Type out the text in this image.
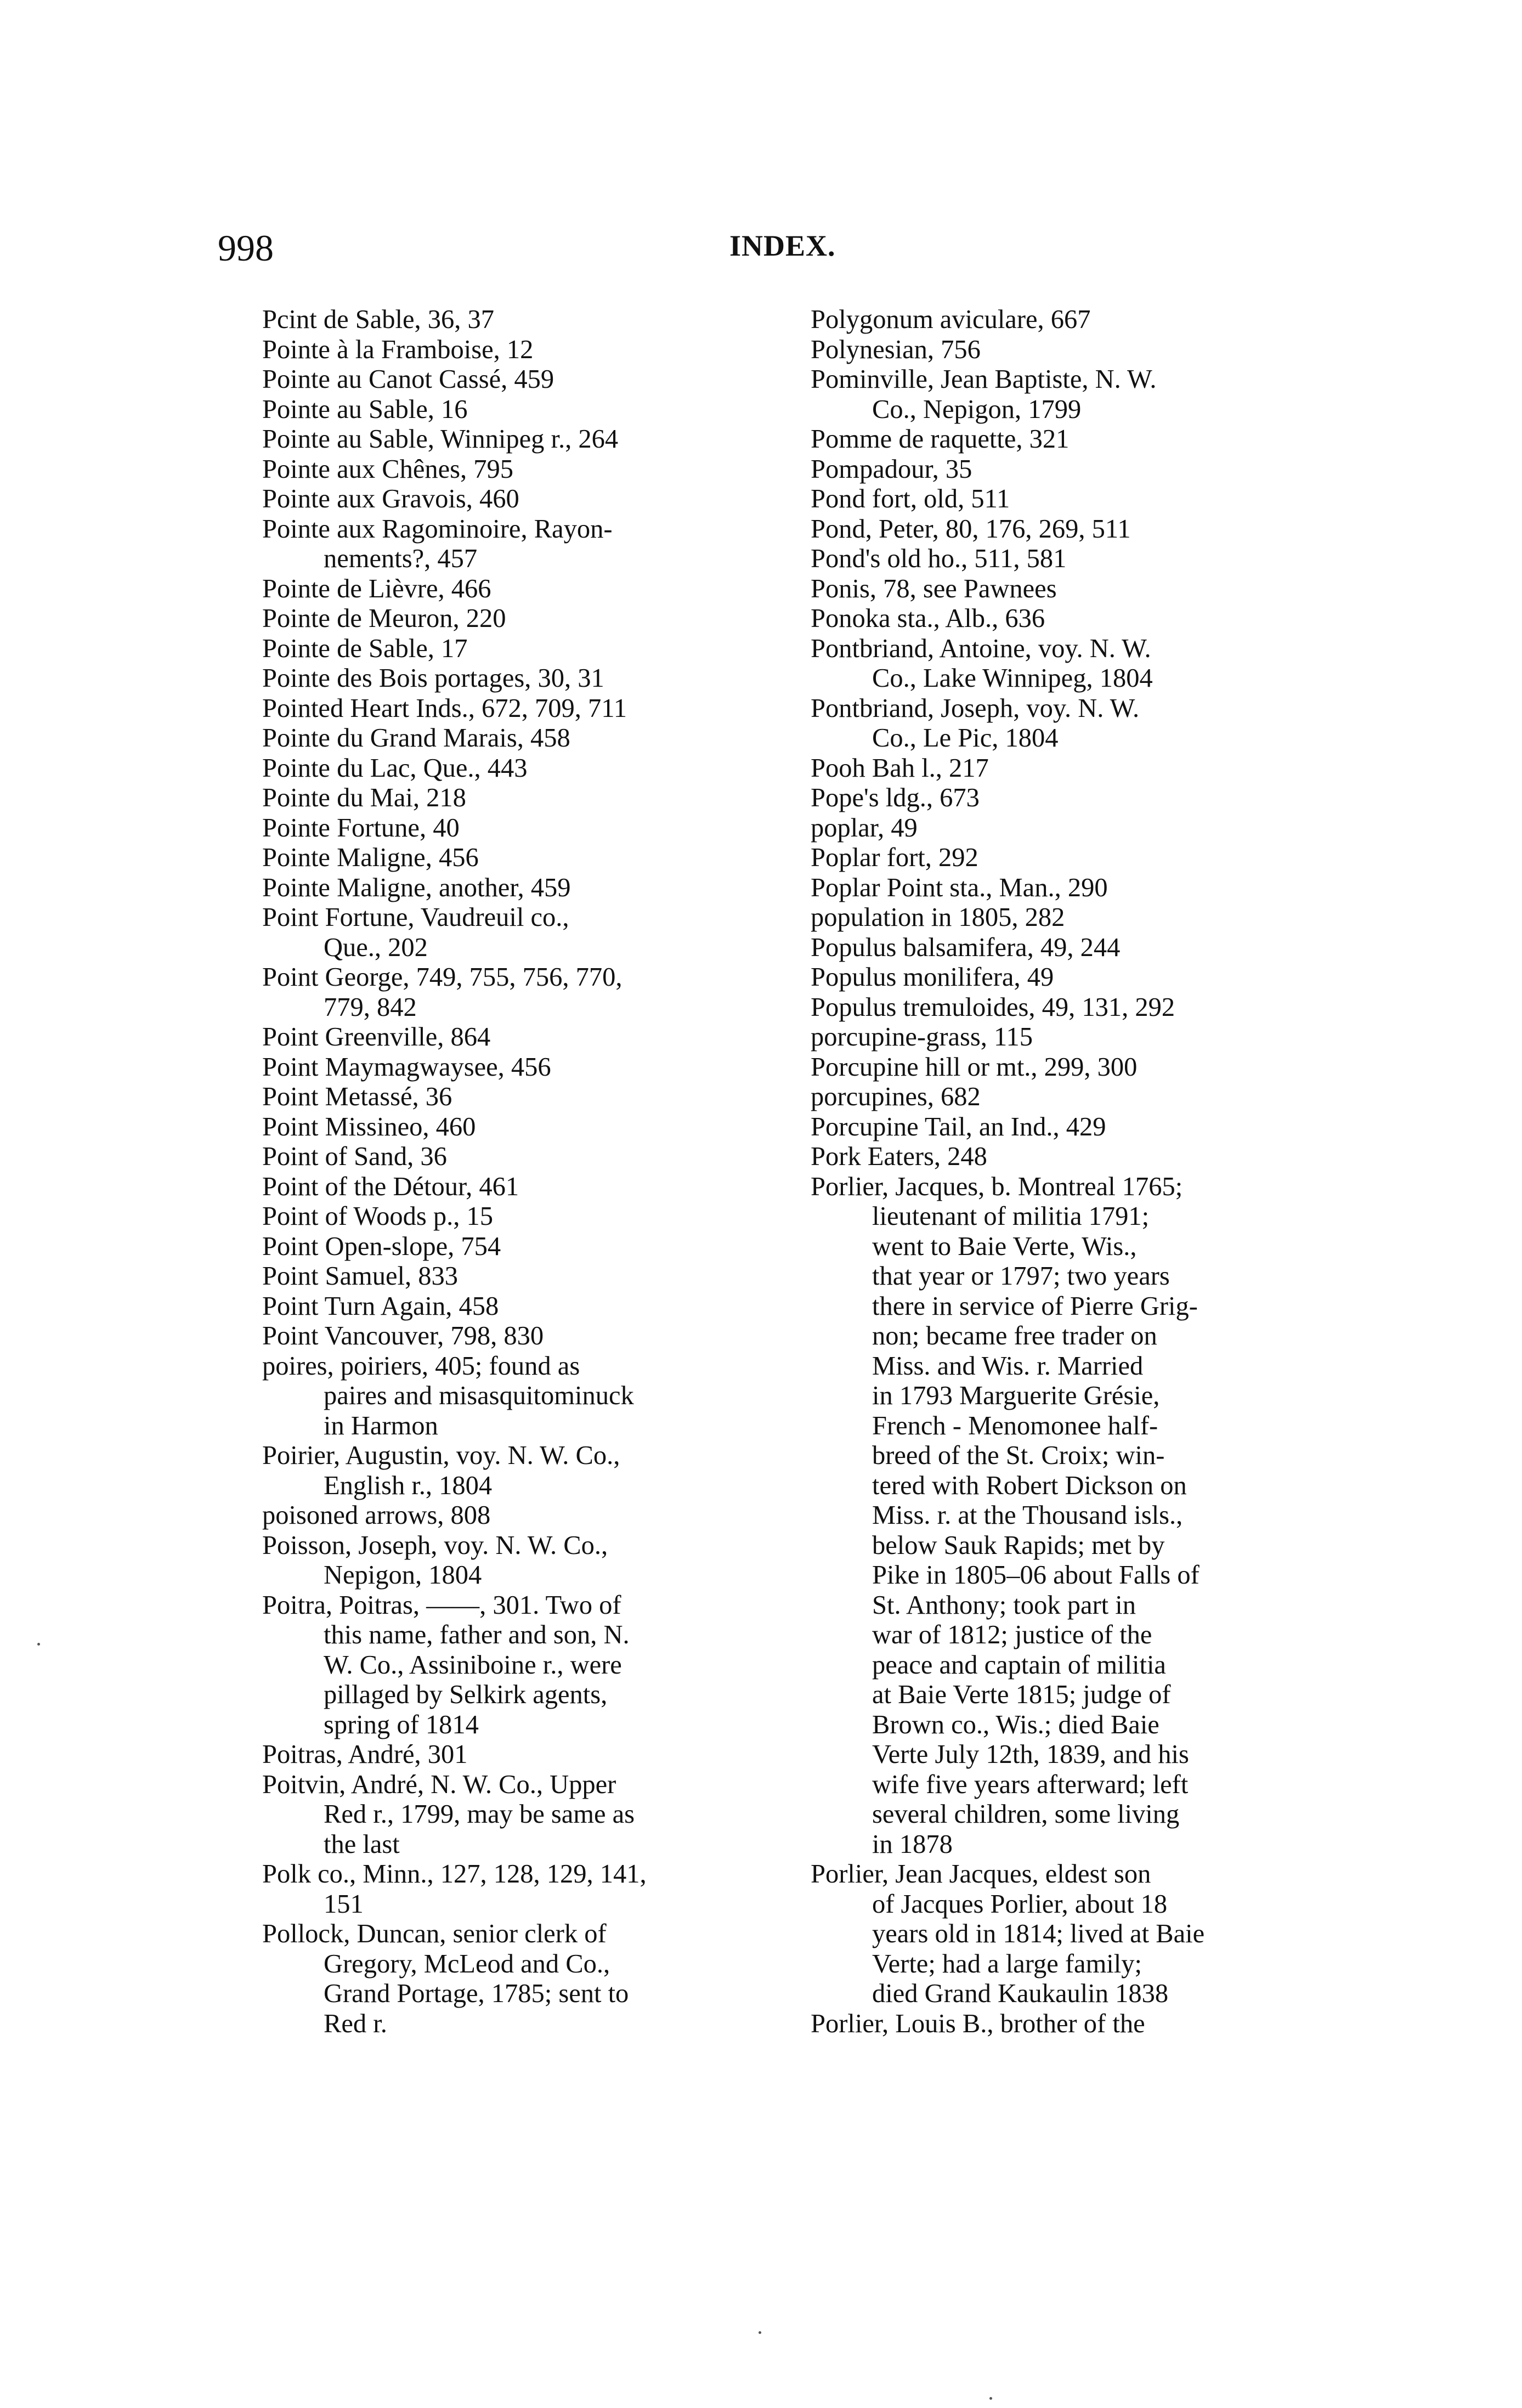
998	INDEX.
Pcint de Sable, 36, 37
Pointe à la Framboise, 12
Pointe au Canot Cassé, 459
Pointe au Sable, 16
Pointe au Sable, Winnipeg r., 264
Pointe aux Chênes, 795
Pointe aux Gravois, 460
Pointe aux Ragominoire, Rayon-
nements?, 457
Pointe de Lièvre, 466
Pointe de Meuron, 220
Pointe de Sable, 17
Pointe des Bois portages, 30, 31
Pointed Heart Inds., 672, 709, 711
Pointe du Grand Marais, 458
Pointe du Lac, Que., 443
Pointe du Mai, 218
Pointe Fortune, 40
Pointe Maligne, 456
Pointe Maligne, another, 459
Point Fortune, Vaudreuil co.,
Que., 202
Point George, 749, 755, 756, 770,
779, 842
Point Greenville, 864
Point Maymagwaysee, 456
Point Metassé, 36
Point Missineo, 460
Point of Sand, 36
Point of the Détour, 461
Point of Woods p., 15
Point Open-slope, 754
Point Samuel, 833
Point Turn Again, 458
Point Vancouver, 798, 830
poires, poiriers, 405; found as
paires and misasquitominuck
in Harmon
Poirier, Augustin, voy. N. W. Co.,
English r., 1804
poisoned arrows, 808
Poisson, Joseph, voy. N. W. Co.,
Nepigon, 1804
Poitra, Poitras, ——, 301. Two of
this name, father and son, N.
W. Co., Assiniboine r., were
pillaged by Selkirk agents,
spring of 1814
Poitras, André, 301
Poitvin, André, N. W. Co., Upper
Red r., 1799, may be same as
the last
Polk co., Minn., 127, 128, 129, 141,
151
Pollock, Duncan, senior clerk of
Gregory, McLeod and Co.,
Grand Portage, 1785; sent to
Red r.
Polygonum aviculare, 667
Polynesian, 756
Pominville, Jean Baptiste, N. W.
Co., Nepigon, 1799
Pomme de raquette, 321
Pompadour, 35
Pond fort, old, 511
Pond, Peter, 80, 176, 269, 511
Pond's old ho., 511, 581
Ponis, 78, see Pawnees
Ponoka sta., Alb., 636
Pontbriand, Antoine, voy. N. W.
Co., Lake Winnipeg, 1804
Pontbriand, Joseph, voy. N. W.
Co., Le Pic, 1804
Pooh Bah l., 217
Pope's ldg., 673
poplar, 49
Poplar fort, 292
Poplar Point sta., Man., 290
population in 1805, 282
Populus balsamifera, 49, 244
Populus monilifera, 49
Populus tremuloides, 49, 131, 292
porcupine-grass, 115
Porcupine hill or mt., 299, 300
porcupines, 682
Porcupine Tail, an Ind., 429
Pork Eaters, 248
Porlier, Jacques, b. Montreal 1765;
lieutenant of militia 1791;
went to Baie Verte, Wis.,
that year or 1797; two years
there in service of Pierre Grig-
non; became free trader on
Miss. and Wis. r. Married
in 1793 Marguerite Grésie,
French - Menomonee half-
breed of the St. Croix; win-
tered with Robert Dickson on
Miss. r. at the Thousand isls.,
below Sauk Rapids; met by
Pike in 1805–06 about Falls of
St. Anthony; took part in
war of 1812; justice of the
peace and captain of militia
at Baie Verte 1815; judge of
Brown co., Wis.; died Baie
Verte July 12th, 1839, and his
wife five years afterward; left
several children, some living
in 1878
Porlier, Jean Jacques, eldest son
of Jacques Porlier, about 18
years old in 1814; lived at Baie
Verte; had a large family;
died Grand Kaukaulin 1838
Porlier, Louis B., brother of the
